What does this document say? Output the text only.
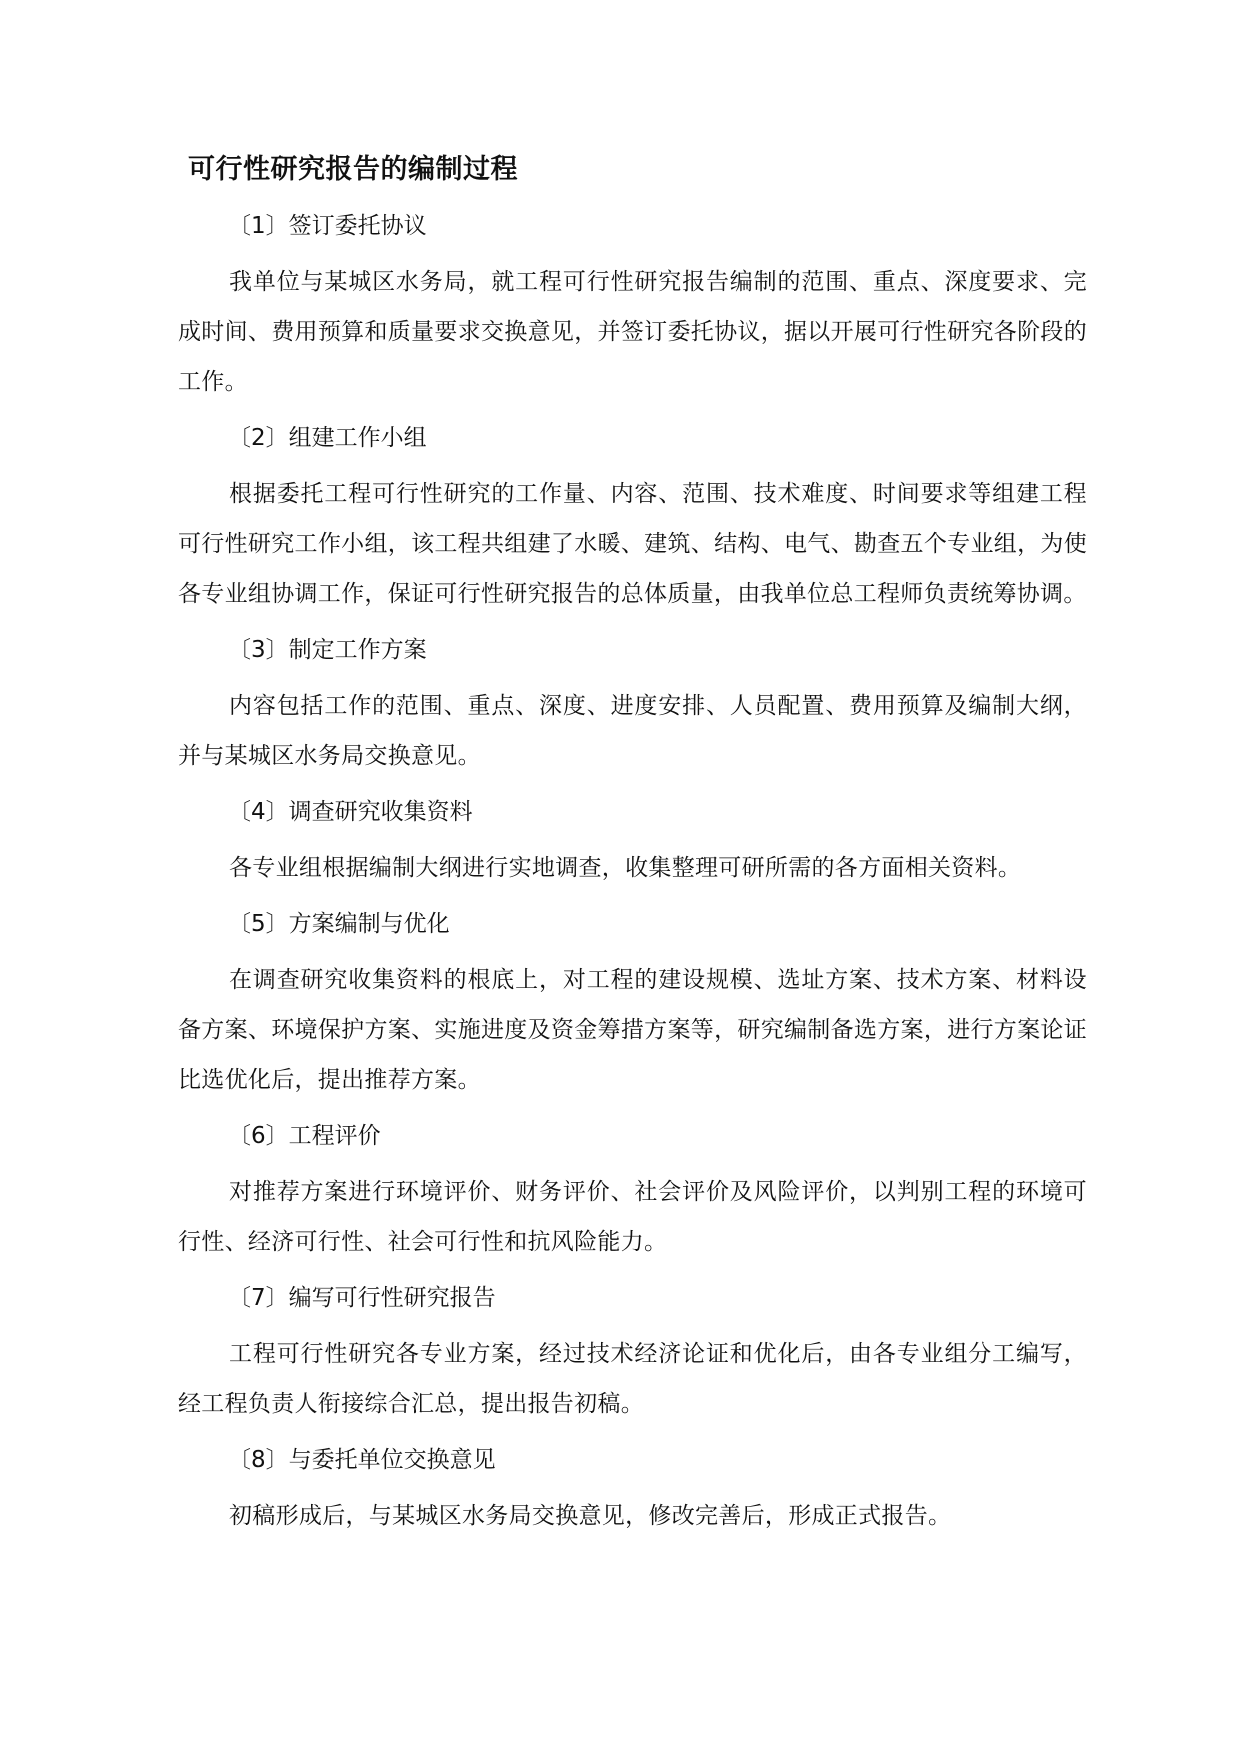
可行性研究报告的编制过程

〔1〕签订委托协议

我单位与某城区水务局，就工程可行性研究报告编制的范围、重点、深度要求、完成时间、费用预算和质量要求交换意见，并签订委托协议，据以开展可行性研究各阶段的工作。

〔2〕组建工作小组

根据委托工程可行性研究的工作量、内容、范围、技术难度、时间要求等组建工程可行性研究工作小组，该工程共组建了水暖、建筑、结构、电气、勘查五个专业组，为使各专业组协调工作，保证可行性研究报告的总体质量，由我单位总工程师负责统筹协调。

〔3〕制定工作方案

内容包括工作的范围、重点、深度、进度安排、人员配置、费用预算及编制大纲，并与某城区水务局交换意见。

〔4〕调查研究收集资料

各专业组根据编制大纲进行实地调查，收集整理可研所需的各方面相关资料。

〔5〕方案编制与优化

在调查研究收集资料的根底上，对工程的建设规模、选址方案、技术方案、材料设备方案、环境保护方案、实施进度及资金筹措方案等，研究编制备选方案，进行方案论证比选优化后，提出推荐方案。

〔6〕工程评价

对推荐方案进行环境评价、财务评价、社会评价及风险评价，以判别工程的环境可行性、经济可行性、社会可行性和抗风险能力。

〔7〕编写可行性研究报告

工程可行性研究各专业方案，经过技术经济论证和优化后，由各专业组分工编写，经工程负责人衔接综合汇总，提出报告初稿。

〔8〕与委托单位交换意见

初稿形成后，与某城区水务局交换意见，修改完善后，形成正式报告。
